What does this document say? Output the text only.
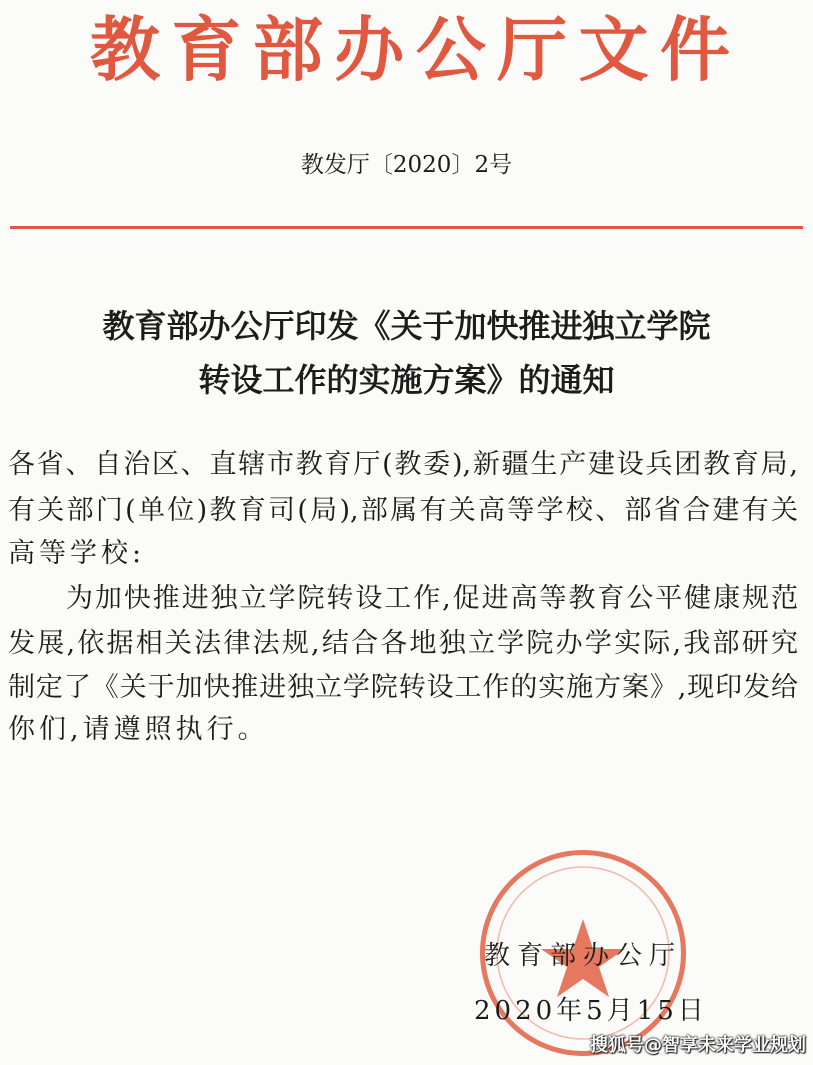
教 育 部 办 公 厅 文 件
教发厅〔2020〕2号
教育部办公厅印发《关于加快推进独立学院
转设工作的实施方案》的通知
各省、自治区、直辖市教育厅(教委),新疆生产建设兵团教育局,
有关部门(单位)教育司(局),部属有关高等学校、部省合建有关
高等学校:
为加快推进独立学院转设工作,促进高等教育公平健康规范
发展,依据相关法律法规,结合各地独立学院办学实际,我部研究
制定了《关于加快推进独立学院转设工作的实施方案》,现印发给
你们,请遵照执行。
教育部办公厅
2020年5月15日
搜狐号@智享未来学业规划
